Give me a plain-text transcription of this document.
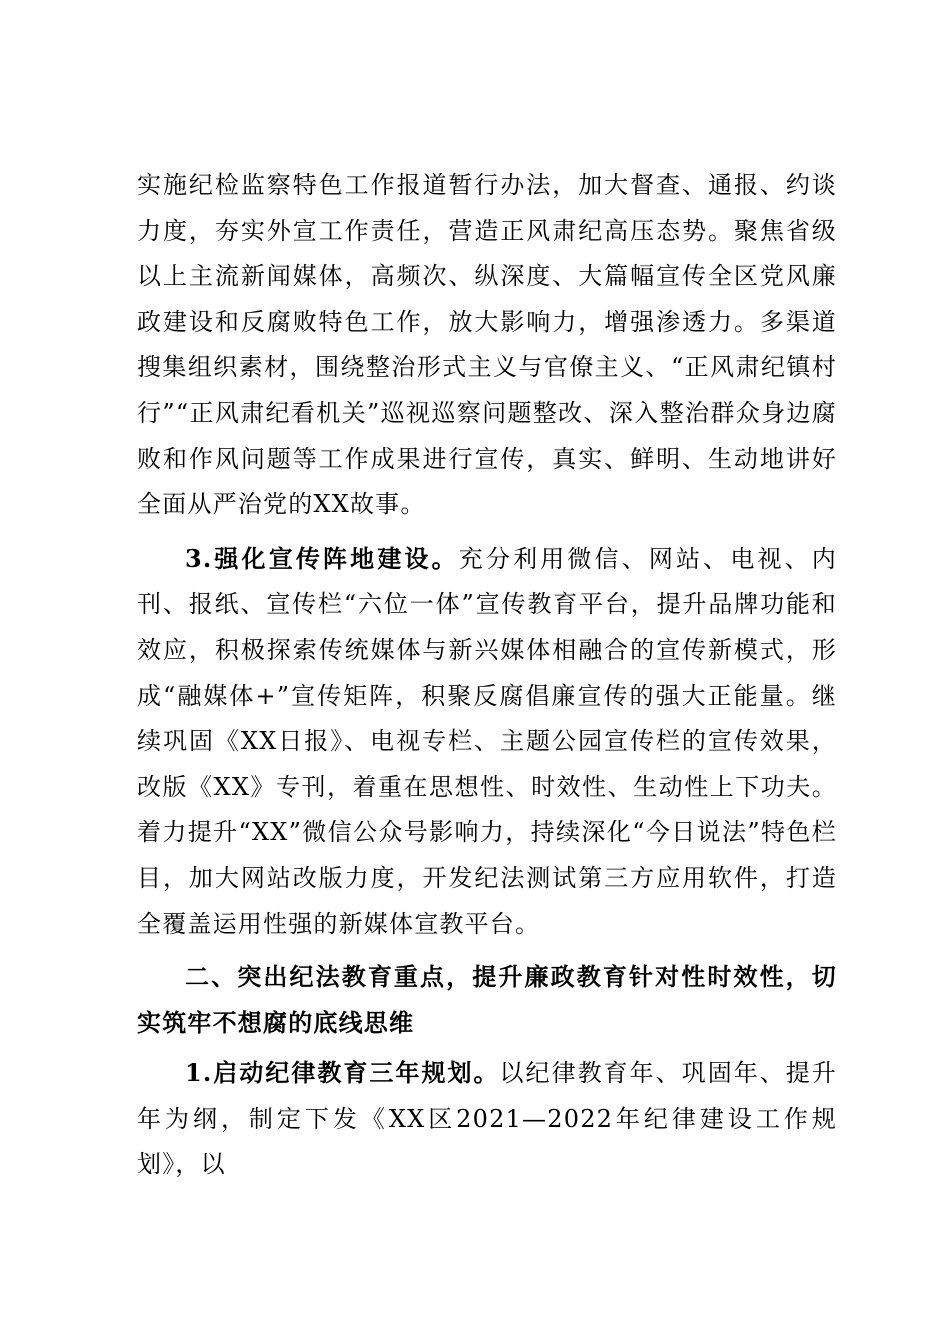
实施纪检监察特色工作报道暂行办法，加大督查、通报、约谈力度，夯实外宣工作责任，营造正风肃纪高压态势。聚焦省级以上主流新闻媒体，高频次、纵深度、大篇幅宣传全区党风廉政建设和反腐败特色工作，放大影响力，增强渗透力。多渠道搜集组织素材，围绕整治形式主义与官僚主义、“正风肃纪镇村行”“正风肃纪看机关”巡视巡察问题整改、深入整治群众身边腐败和作风问题等工作成果进行宣传，真实、鲜明、生动地讲好全面从严治党的XX故事。

3.强化宣传阵地建设。充分利用微信、网站、电视、内刊、报纸、宣传栏“六位一体”宣传教育平台，提升品牌功能和效应，积极探索传统媒体与新兴媒体相融合的宣传新模式，形成“融媒体+”宣传矩阵，积聚反腐倡廉宣传的强大正能量。继续巩固《XX日报》、电视专栏、主题公园宣传栏的宣传效果，改版《XX》专刊，着重在思想性、时效性、生动性上下功夫。着力提升“XX”微信公众号影响力，持续深化“今日说法”特色栏目，加大网站改版力度，开发纪法测试第三方应用软件，打造全覆盖运用性强的新媒体宣教平台。

二、突出纪法教育重点，提升廉政教育针对性时效性，切实筑牢不想腐的底线思维

1.启动纪律教育三年规划。以纪律教育年、巩固年、提升年为纲，制定下发《XX区2021—2022年纪律建设工作规划》，以
